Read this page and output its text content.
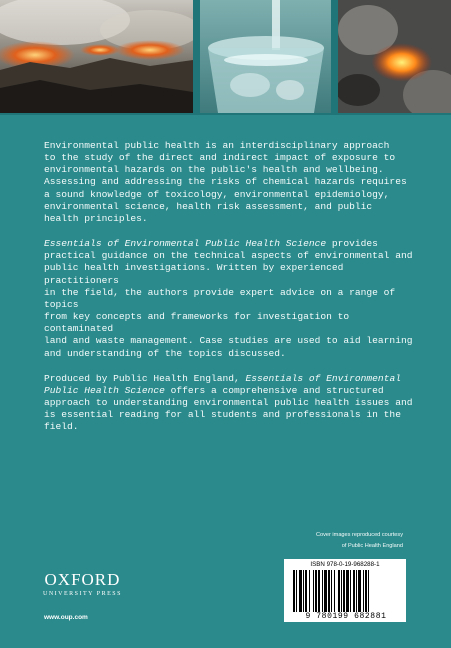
Environmental public health is an interdisciplinary approach
to the study of the direct and indirect impact of exposure to
environmental hazards on the public's health and wellbeing.
Assessing and addressing the risks of chemical hazards requires
a sound knowledge of toxicology, environmental epidemiology,
environmental science, health risk assessment, and public
health principles.

Essentials of Environmental Public Health Science provides
practical guidance on the technical aspects of environmental and
public health investigations. Written by experienced practitioners
in the field, the authors provide expert advice on a range of topics
from key concepts and frameworks for investigation to contaminated
land and waste management. Case studies are used to aid learning
and understanding of the topics discussed.

Produced by Public Health England, Essentials of Environmental
Public Health Science offers a comprehensive and structured
approach to understanding environmental public health issues and
is essential reading for all students and professionals in the field.

Cover images reproduced courtesy
of Public Health England
OXFORD
UNIVERSITY PRESS
www.oup.com
ISBN 978-0-19-968288-1
9 780199 682881
